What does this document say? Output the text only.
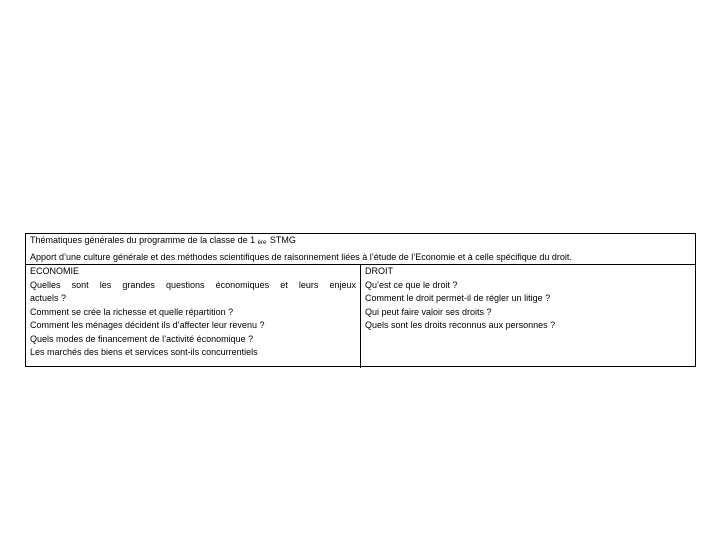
Thématiques générales du programme de la classe de 1 $^{ère}$ STMG
Apport d’une culture générale et des méthodes scientifiques de raisonnement liées à l’étude de l’Economie et à celle spécifique du droit.
ECONOMIE
Quelles sont les grandes questions économiques et leurs enjeux
actuels ?
Comment se crée la richesse et quelle répartition ?
Comment les ménages décident ils d’affecter leur revenu ?
Quels modes de financement de l’activité économique ?
Les marchés des biens et services sont-ils concurrentiels
DROIT
Qu’est ce que le droit ?
Comment le droit permet-il de régler un litige ?
Qui peut faire valoir ses droits ?
Quels sont les droits reconnus aux personnes ?
